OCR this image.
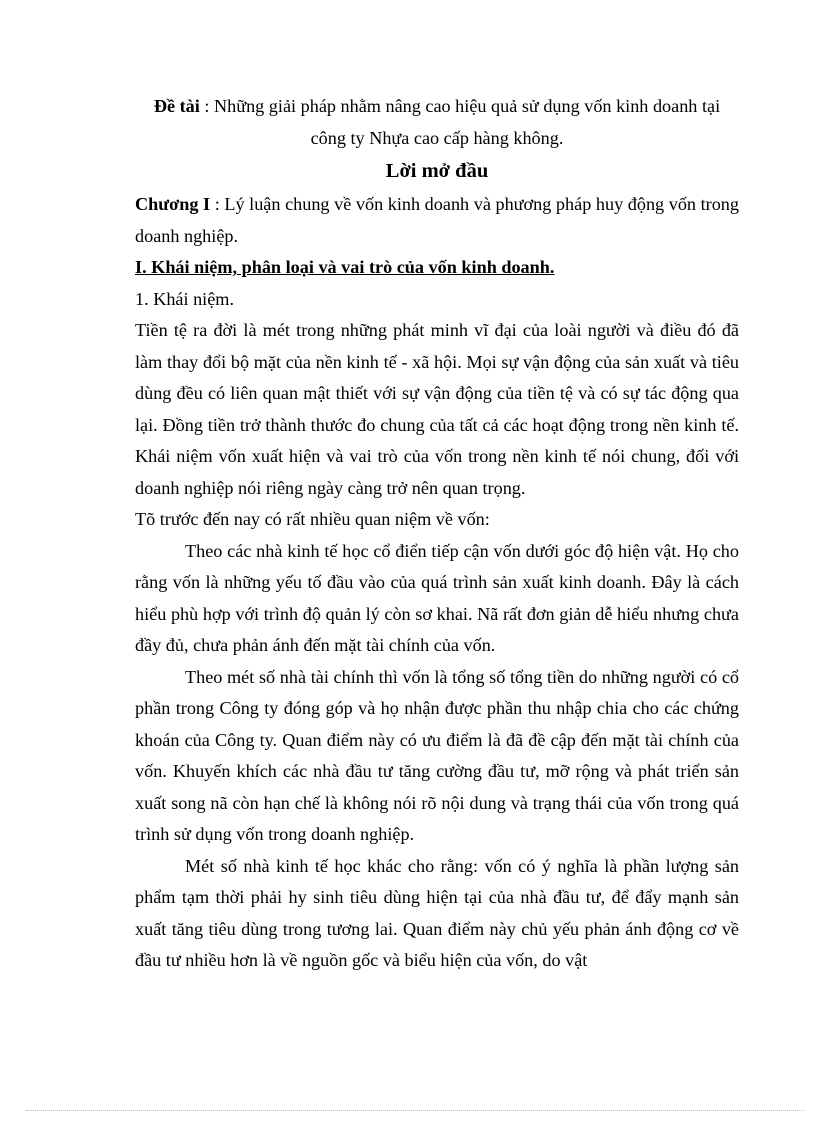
Đề tài : Những giải pháp nhằm nâng cao hiệu quả sử dụng vốn kinh doanh tại

công ty Nhựa cao cấp hàng không.

Lời mở đầu

Chương I : Lý luận chung về vốn kinh doanh và phương pháp huy động vốn trong doanh nghiệp.

I. Khái niệm, phân loại và vai trò của vốn kinh doanh.

1. Khái niệm.

Tiền tệ ra đời là mét trong những phát minh vĩ đại của loài người và điều đó đã làm thay đổi bộ mặt của nền kinh tế - xã hội. Mọi sự vận động của sản xuất và tiêu dùng đều có liên quan mật thiết với sự vận động của tiền tệ và có sự tác động qua lại. Đồng tiền trở thành thước đo chung của tất cả các hoạt động trong nền kinh tế. Khái niệm vốn xuất hiện và vai trò của vốn trong nền kinh tế nói chung, đối với doanh nghiệp nói riêng ngày càng trở nên quan trọng.

Tõ trước đến nay có rất nhiều quan niệm về vốn:

Theo các nhà kinh tế học cổ điển tiếp cận vốn dưới góc độ hiện vật. Họ cho rằng vốn là những yếu tố đầu vào của quá trình sản xuất kinh doanh. Đây là cách hiểu phù hợp với trình độ quản lý còn sơ khai. Nã rất đơn giản dễ hiểu nhưng chưa đầy đủ, chưa phản ánh đến mặt tài chính của vốn.

Theo mét số nhà tài chính thì vốn là tổng số tổng tiền do những người có cổ phần trong Công ty đóng góp và họ nhận được phần thu nhập chia cho các chứng khoán của Công ty. Quan điểm này có ưu điểm là đã đề cập đến mặt tài chính của vốn. Khuyến khích các nhà đầu tư tăng cường đầu tư, mỡ rộng và phát triển sản xuất song nã còn hạn chế là không nói rõ nội dung và trạng thái của vốn trong quá trình sử dụng vốn trong doanh nghiệp.

Mét số nhà kinh tế học khác cho rằng: vốn có ý nghĩa là phần lượng sản phẩm tạm thời phải hy sinh tiêu dùng hiện tại của nhà đầu tư, để đẩy mạnh sản xuất tăng tiêu dùng trong tương lai. Quan điểm này chủ yếu phản ánh động cơ về đầu tư nhiều hơn là về nguồn gốc và biểu hiện của vốn, do vật
